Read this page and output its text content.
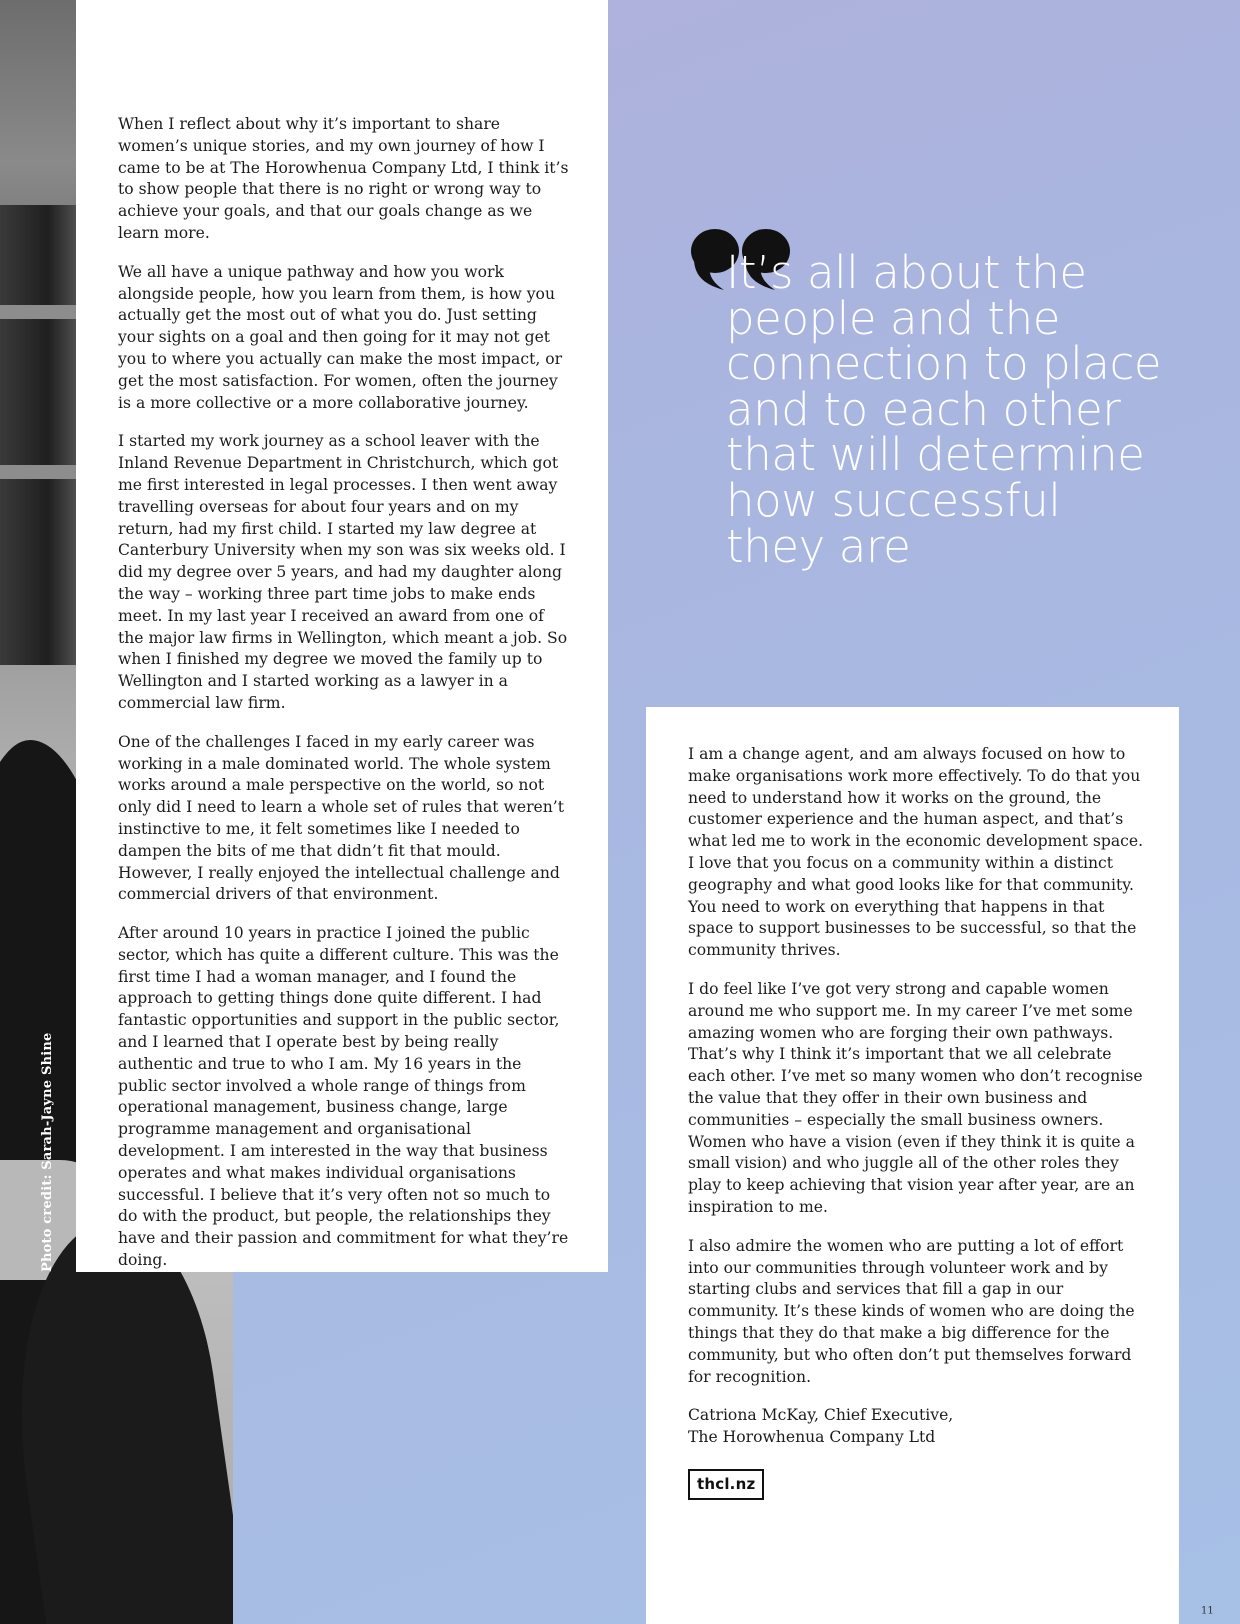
Photo credit: Sarah-Jayne Shine

When I reflect about why it’s important to share women’s unique stories, and my own journey of how I came to be at The Horowhenua Company Ltd, I think it’s to show people that there is no right or wrong way to achieve your goals, and that our goals change as we learn more.

We all have a unique pathway and how you work alongside people, how you learn from them, is how you actually get the most out of what you do. Just setting your sights on a goal and then going for it may not get you to where you actually can make the most impact, or get the most satisfaction. For women, often the journey is a more collective or a more collaborative journey.

I started my work journey as a school leaver with the Inland Revenue Department in Christchurch, which got me first interested in legal processes. I then went away travelling overseas for about four years and on my return, had my first child. I started my law degree at Canterbury University when my son was six weeks old. I did my degree over 5 years, and had my daughter along the way – working three part time jobs to make ends meet. In my last year I received an award from one of the major law firms in Wellington, which meant a job. So when I finished my degree we moved the family up to Wellington and I started working as a lawyer in a commercial law firm.

One of the challenges I faced in my early career was working in a male dominated world. The whole system works around a male perspective on the world, so not only did I need to learn a whole set of rules that weren’t instinctive to me, it felt sometimes like I needed to dampen the bits of me that didn’t fit that mould. However, I really enjoyed the intellectual challenge and commercial drivers of that environment.

After around 10 years in practice I joined the public sector, which has quite a different culture. This was the first time I had a woman manager, and I found the approach to getting things done quite different. I had fantastic opportunities and support in the public sector, and I learned that I operate best by being really authentic and true to who I am. My 16 years in the public sector involved a whole range of things from operational management, business change, large programme management and organisational development. I am interested in the way that business operates and what makes individual organisations successful. I believe that it’s very often not so much to do with the product, but people, the relationships they have and their passion and commitment for what they’re doing.

It’s all about the people and the connection to place and to each other that will determine how successful they are

I am a change agent, and am always focused on how to make organisations work more effectively. To do that you need to understand how it works on the ground, the customer experience and the human aspect, and that’s what led me to work in the economic development space. I love that you focus on a community within a distinct geography and what good looks like for that community. You need to work on everything that happens in that space to support businesses to be successful, so that the community thrives.

I do feel like I’ve got very strong and capable women around me who support me. In my career I’ve met some amazing women who are forging their own pathways. That’s why I think it’s important that we all celebrate each other. I’ve met so many women who don’t recognise the value that they offer in their own business and communities – especially the small business owners. Women who have a vision (even if they think it is quite a small vision) and who juggle all of the other roles they play to keep achieving that vision year after year, are an inspiration to me.

I also admire the women who are putting a lot of effort into our communities through volunteer work and by starting clubs and services that fill a gap in our community. It’s these kinds of women who are doing the things that they do that make a big difference for the community, but who often don’t put themselves forward for recognition.

Catriona McKay, Chief Executive,

The Horowhenua Company Ltd

thcl.nz
11
